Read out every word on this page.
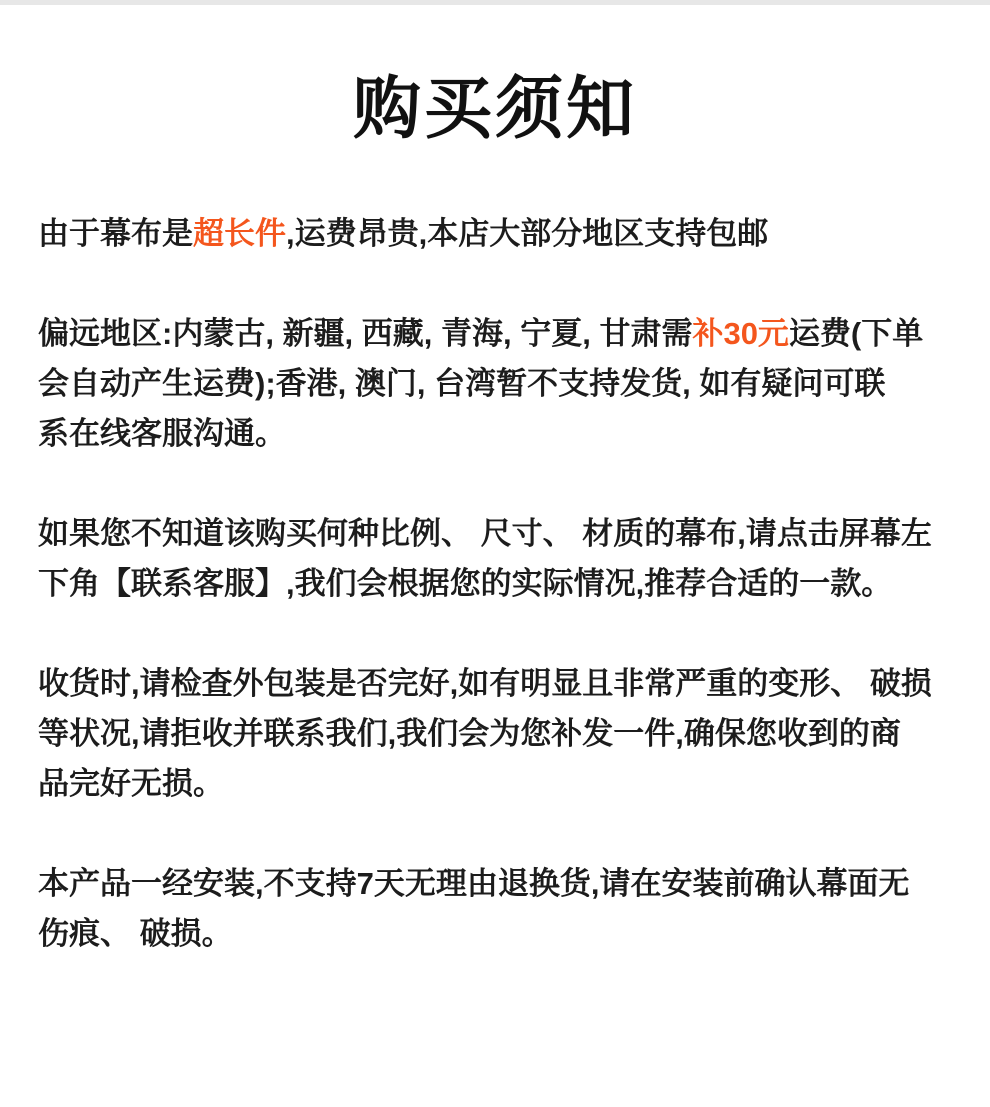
购买须知
由于幕布是超长件,运费昂贵,本店大部分地区支持包邮
偏远地区:内蒙古, 新疆, 西藏, 青海, 宁夏, 甘肃需补30元运费(下单
会自动产生运费);香港, 澳门, 台湾暂不支持发货, 如有疑问可联
系在线客服沟通。
如果您不知道该购买何种比例、 尺寸、 材质的幕布,请点击屏幕左
下角【联系客服】,我们会根据您的实际情况,推荐合适的一款。
收货时,请检查外包装是否完好,如有明显且非常严重的变形、 破损
等状况,请拒收并联系我们,我们会为您补发一件,确保您收到的商
品完好无损。
本产品一经安装,不支持7天无理由退换货,请在安装前确认幕面无
伤痕、 破损。
